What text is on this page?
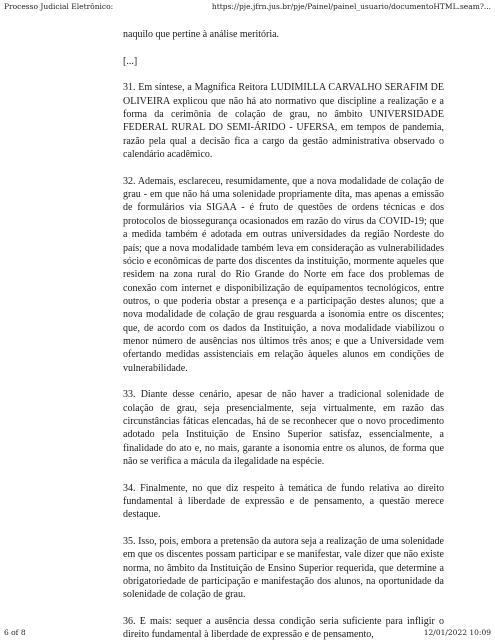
Processo Judicial Eletrônico:	https://pje.jfrn.jus.br/pje/Painel/painel_usuario/documentoHTML.seam?...

naquilo que pertine à análise meritória.

[...]

31. Em síntese, a Magnífica Reitora LUDIMILLA CARVALHO SERAFIM DE OLIVEIRA explicou que não há ato normativo que discipline a realização e a forma da cerimônia de colação de grau, no âmbito UNIVERSIDADE FEDERAL RURAL DO SEMI-ÁRIDO - UFERSA, em tempos de pandemia, razão pela qual a decisão fica a cargo da gestão administrativa observado o calendário acadêmico.

32. Ademais, esclareceu, resumidamente, que a nova modalidade de colação de grau - em que não há uma solenidade propriamente dita, mas apenas a emissão de formulários via SIGAA - é fruto de questões de ordens técnicas e dos protocolos de biossegurança ocasionados em razão do vírus da COVID-19; que a medida também é adotada em outras universidades da região Nordeste do país; que a nova modalidade também leva em consideração as vulnerabilidades sócio e econômicas de parte dos discentes da instituição, mormente aqueles que residem na zona rural do Rio Grande do Norte em face dos problemas de conexão com internet e disponibilização de equipamentos tecnológicos, entre outros, o que poderia obstar a presença e a participação destes alunos; que a nova modalidade de colação de grau resguarda a isonomia entre os discentes; que, de acordo com os dados da Instituição, a nova modalidade viabilizou o menor número de ausências nos últimos três anos; e que a Universidade vem ofertando medidas assistenciais em relação àqueles alunos em condições de vulnerabilidade.

33. Diante desse cenário, apesar de não haver a tradicional solenidade de colação de grau, seja presencialmente, seja virtualmente, em razão das circunstâncias fáticas elencadas, há de se reconhecer que o novo procedimento adotado pela Instituição de Ensino Superior satisfaz, essencialmente, a finalidade do ato e, no mais, garante a isonomia entre os alunos, de forma que não se verifica a mácula da ilegalidade na espécie.

34. Finalmente, no que diz respeito à temática de fundo relativa ao direito fundamental à liberdade de expressão e de pensamento, a questão merece destaque.

35. Isso, pois, embora a pretensão da autora seja a realização de uma solenidade em que os discentes possam participar e se manifestar, vale dizer que não existe norma, no âmbito da Instituição de Ensino Superior requerida, que determine a obrigatoriedade de participação e manifestação dos alunos, na oportunidade da solenidade de colação de grau.

36. E mais: sequer a ausência dessa condição seria suficiente para infligir o direito fundamental à liberdade de expressão e de pensamento,

6 of 8	12/01/2022 10:09
